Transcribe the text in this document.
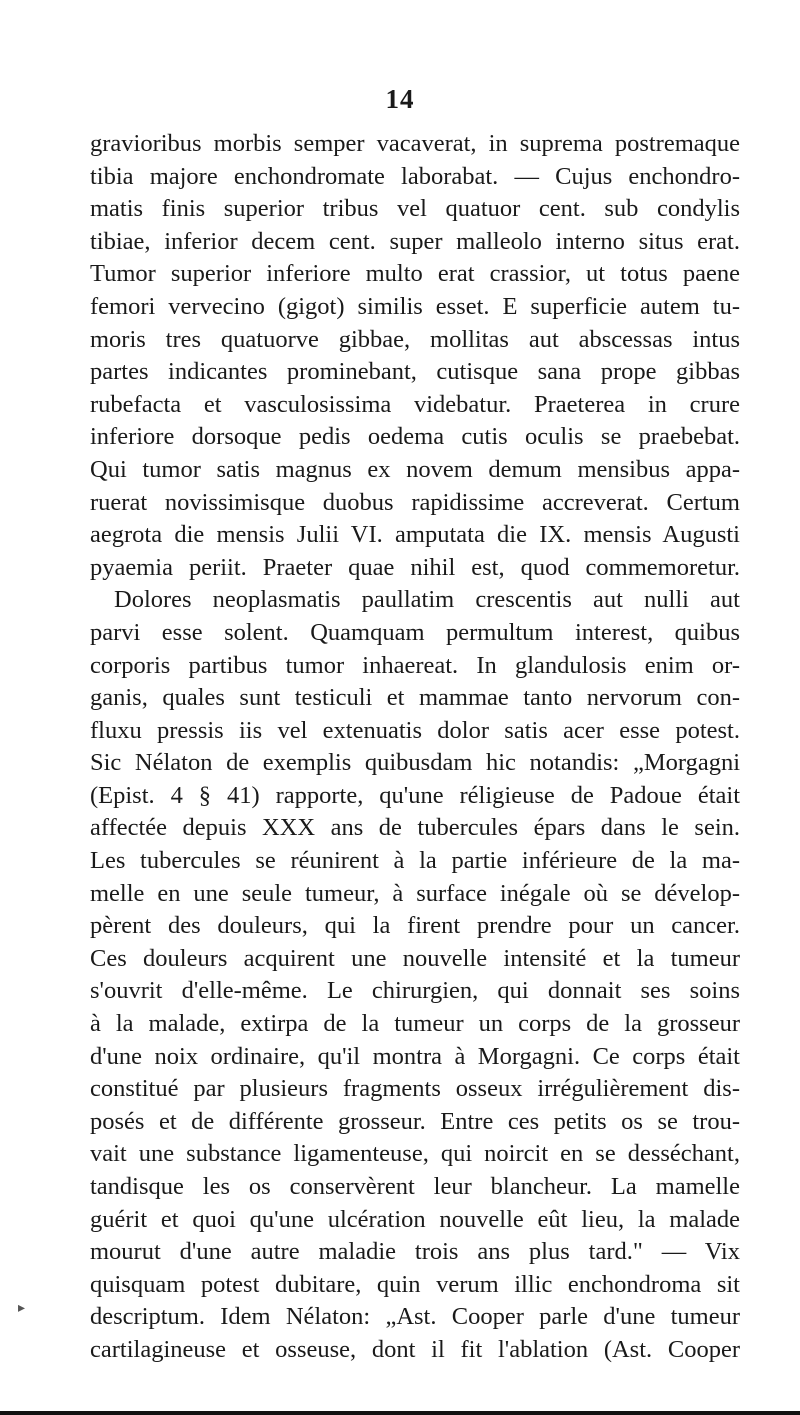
14
gravioribus morbis semper vacaverat, in suprema postremaque
tibia majore enchondromate laborabat. — Cujus enchondro-
matis finis superior tribus vel quatuor cent. sub condylis
tibiae, inferior decem cent. super malleolo interno situs erat.
Tumor superior inferiore multo erat crassior, ut totus paene
femori vervecino (gigot) similis esset. E superficie autem tu-
moris tres quatuorve gibbae, mollitas aut abscessas intus
partes indicantes prominebant, cutisque sana prope gibbas
rubefacta et vasculosissima videbatur. Praeterea in crure
inferiore dorsoque pedis oedema cutis oculis se praebebat.
Qui tumor satis magnus ex novem demum mensibus appa-
ruerat novissimisque duobus rapidissime accreverat. Certum
aegrota die mensis Julii VI. amputata die IX. mensis Augusti
pyaemia periit. Praeter quae nihil est, quod commemoretur.
Dolores neoplasmatis paullatim crescentis aut nulli aut
parvi esse solent. Quamquam permultum interest, quibus
corporis partibus tumor inhaereat. In glandulosis enim or-
ganis, quales sunt testiculi et mammae tanto nervorum con-
fluxu pressis iis vel extenuatis dolor satis acer esse potest.
Sic Nélaton de exemplis quibusdam hic notandis: „Morgagni
(Epist. 4 § 41) rapporte, qu'une réligieuse de Padoue était
affectée depuis XXX ans de tubercules épars dans le sein.
Les tubercules se réunirent à la partie inférieure de la ma-
melle en une seule tumeur, à surface inégale où se dévelop-
pèrent des douleurs, qui la firent prendre pour un cancer.
Ces douleurs acquirent une nouvelle intensité et la tumeur
s'ouvrit d'elle-même. Le chirurgien, qui donnait ses soins
à la malade, extirpa de la tumeur un corps de la grosseur
d'une noix ordinaire, qu'il montra à Morgagni. Ce corps était
constitué par plusieurs fragments osseux irrégulièrement dis-
posés et de différente grosseur. Entre ces petits os se trou-
vait une substance ligamenteuse, qui noircit en se desséchant,
tandisque les os conservèrent leur blancheur. La mamelle
guérit et quoi qu'une ulcération nouvelle eût lieu, la malade
mourut d'une autre maladie trois ans plus tard." — Vix
quisquam potest dubitare, quin verum illic enchondroma sit
descriptum. Idem Nélaton: „Ast. Cooper parle d'une tumeur
cartilagineuse et osseuse, dont il fit l'ablation (Ast. Cooper
▸
